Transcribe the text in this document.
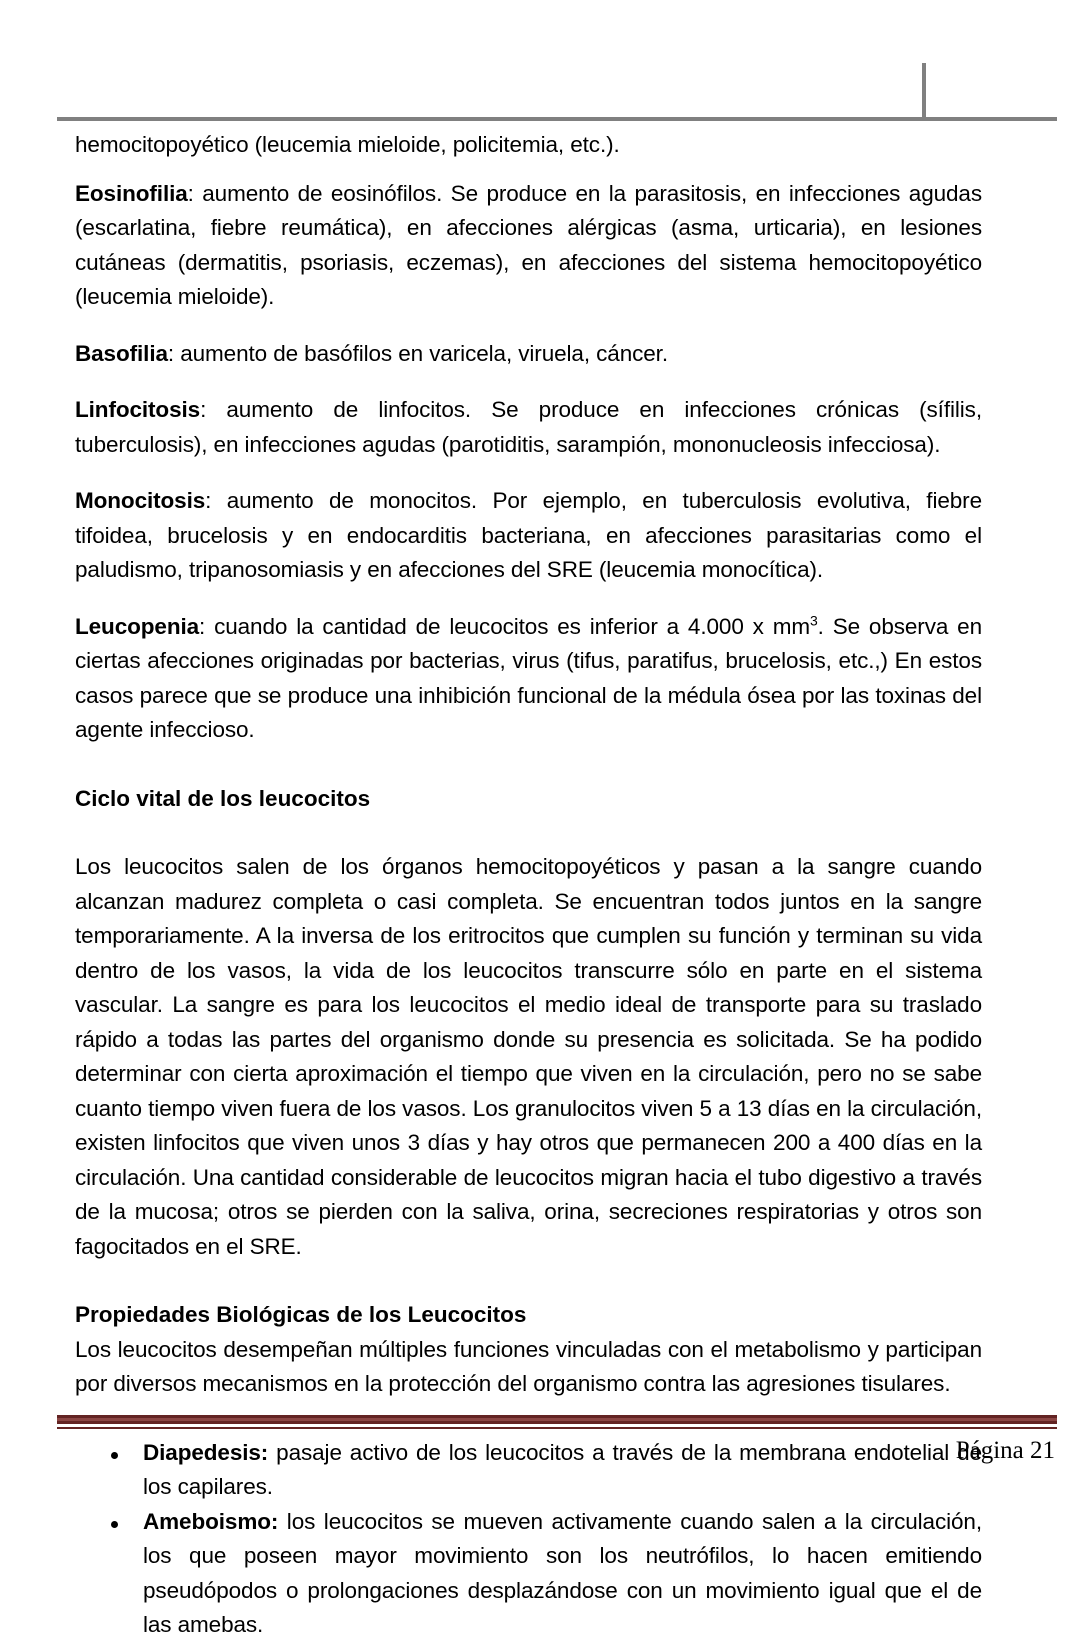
hemocitopoyético (leucemia mieloide, policitemia, etc.).

Eosinofilia: aumento de eosinófilos. Se produce en la parasitosis, en infecciones agudas (escarlatina, fiebre reumática), en afecciones alérgicas (asma, urticaria), en lesiones cutáneas (dermatitis, psoriasis, eczemas), en afecciones del sistema hemocitopoyético (leucemia mieloide).

Basofilia: aumento de basófilos en varicela, viruela, cáncer.

Linfocitosis: aumento de linfocitos. Se produce en infecciones crónicas (sífilis, tuberculosis), en infecciones agudas (parotiditis, sarampión, mononucleosis infecciosa).

Monocitosis: aumento de monocitos. Por ejemplo, en tuberculosis evolutiva, fiebre tifoidea, brucelosis y en endocarditis bacteriana, en afecciones parasitarias como el paludismo, tripanosomiasis y en afecciones del SRE (leucemia monocítica).

Leucopenia: cuando la cantidad de leucocitos es inferior a 4.000 x $mm^3$. Se observa en ciertas afecciones originadas por bacterias, virus (tifus, paratifus, brucelosis, etc.,) En estos casos parece que se produce una inhibición funcional de la médula ósea por las toxinas del agente infeccioso.

Ciclo vital de los leucocitos

Los leucocitos salen de los órganos hemocitopoyéticos y pasan a la sangre cuando alcanzan madurez completa o casi completa. Se encuentran todos juntos en la sangre temporariamente. A la inversa de los eritrocitos que cumplen su función y terminan su vida dentro de los vasos, la vida de los leucocitos transcurre sólo en parte en el sistema vascular. La sangre es para los leucocitos el medio ideal de transporte para su traslado rápido a todas las partes del organismo donde su presencia es solicitada. Se ha podido determinar con cierta aproximación el tiempo que viven en la circulación, pero no se sabe cuanto tiempo viven fuera de los vasos. Los granulocitos viven 5 a 13 días en la circulación, existen linfocitos que viven unos 3 días y hay otros que permanecen 200 a 400 días en la circulación. Una cantidad considerable de leucocitos migran hacia el tubo digestivo a través de la mucosa; otros se pierden con la saliva, orina, secreciones respiratorias y otros son fagocitados en el SRE.

Propiedades Biológicas de los Leucocitos

Los leucocitos desempeñan múltiples funciones vinculadas con el metabolismo y participan por diversos mecanismos en la protección del organismo contra las agresiones tisulares.

Diapedesis: pasaje activo de los leucocitos a través de la membrana endotelial de los capilares.
Ameboismo: los leucocitos se mueven activamente cuando salen a la circulación, los que poseen mayor movimiento son los neutrófilos, lo hacen emitiendo pseudópodos o prolongaciones desplazándose con un movimiento igual que el de las amebas.
Página 21
